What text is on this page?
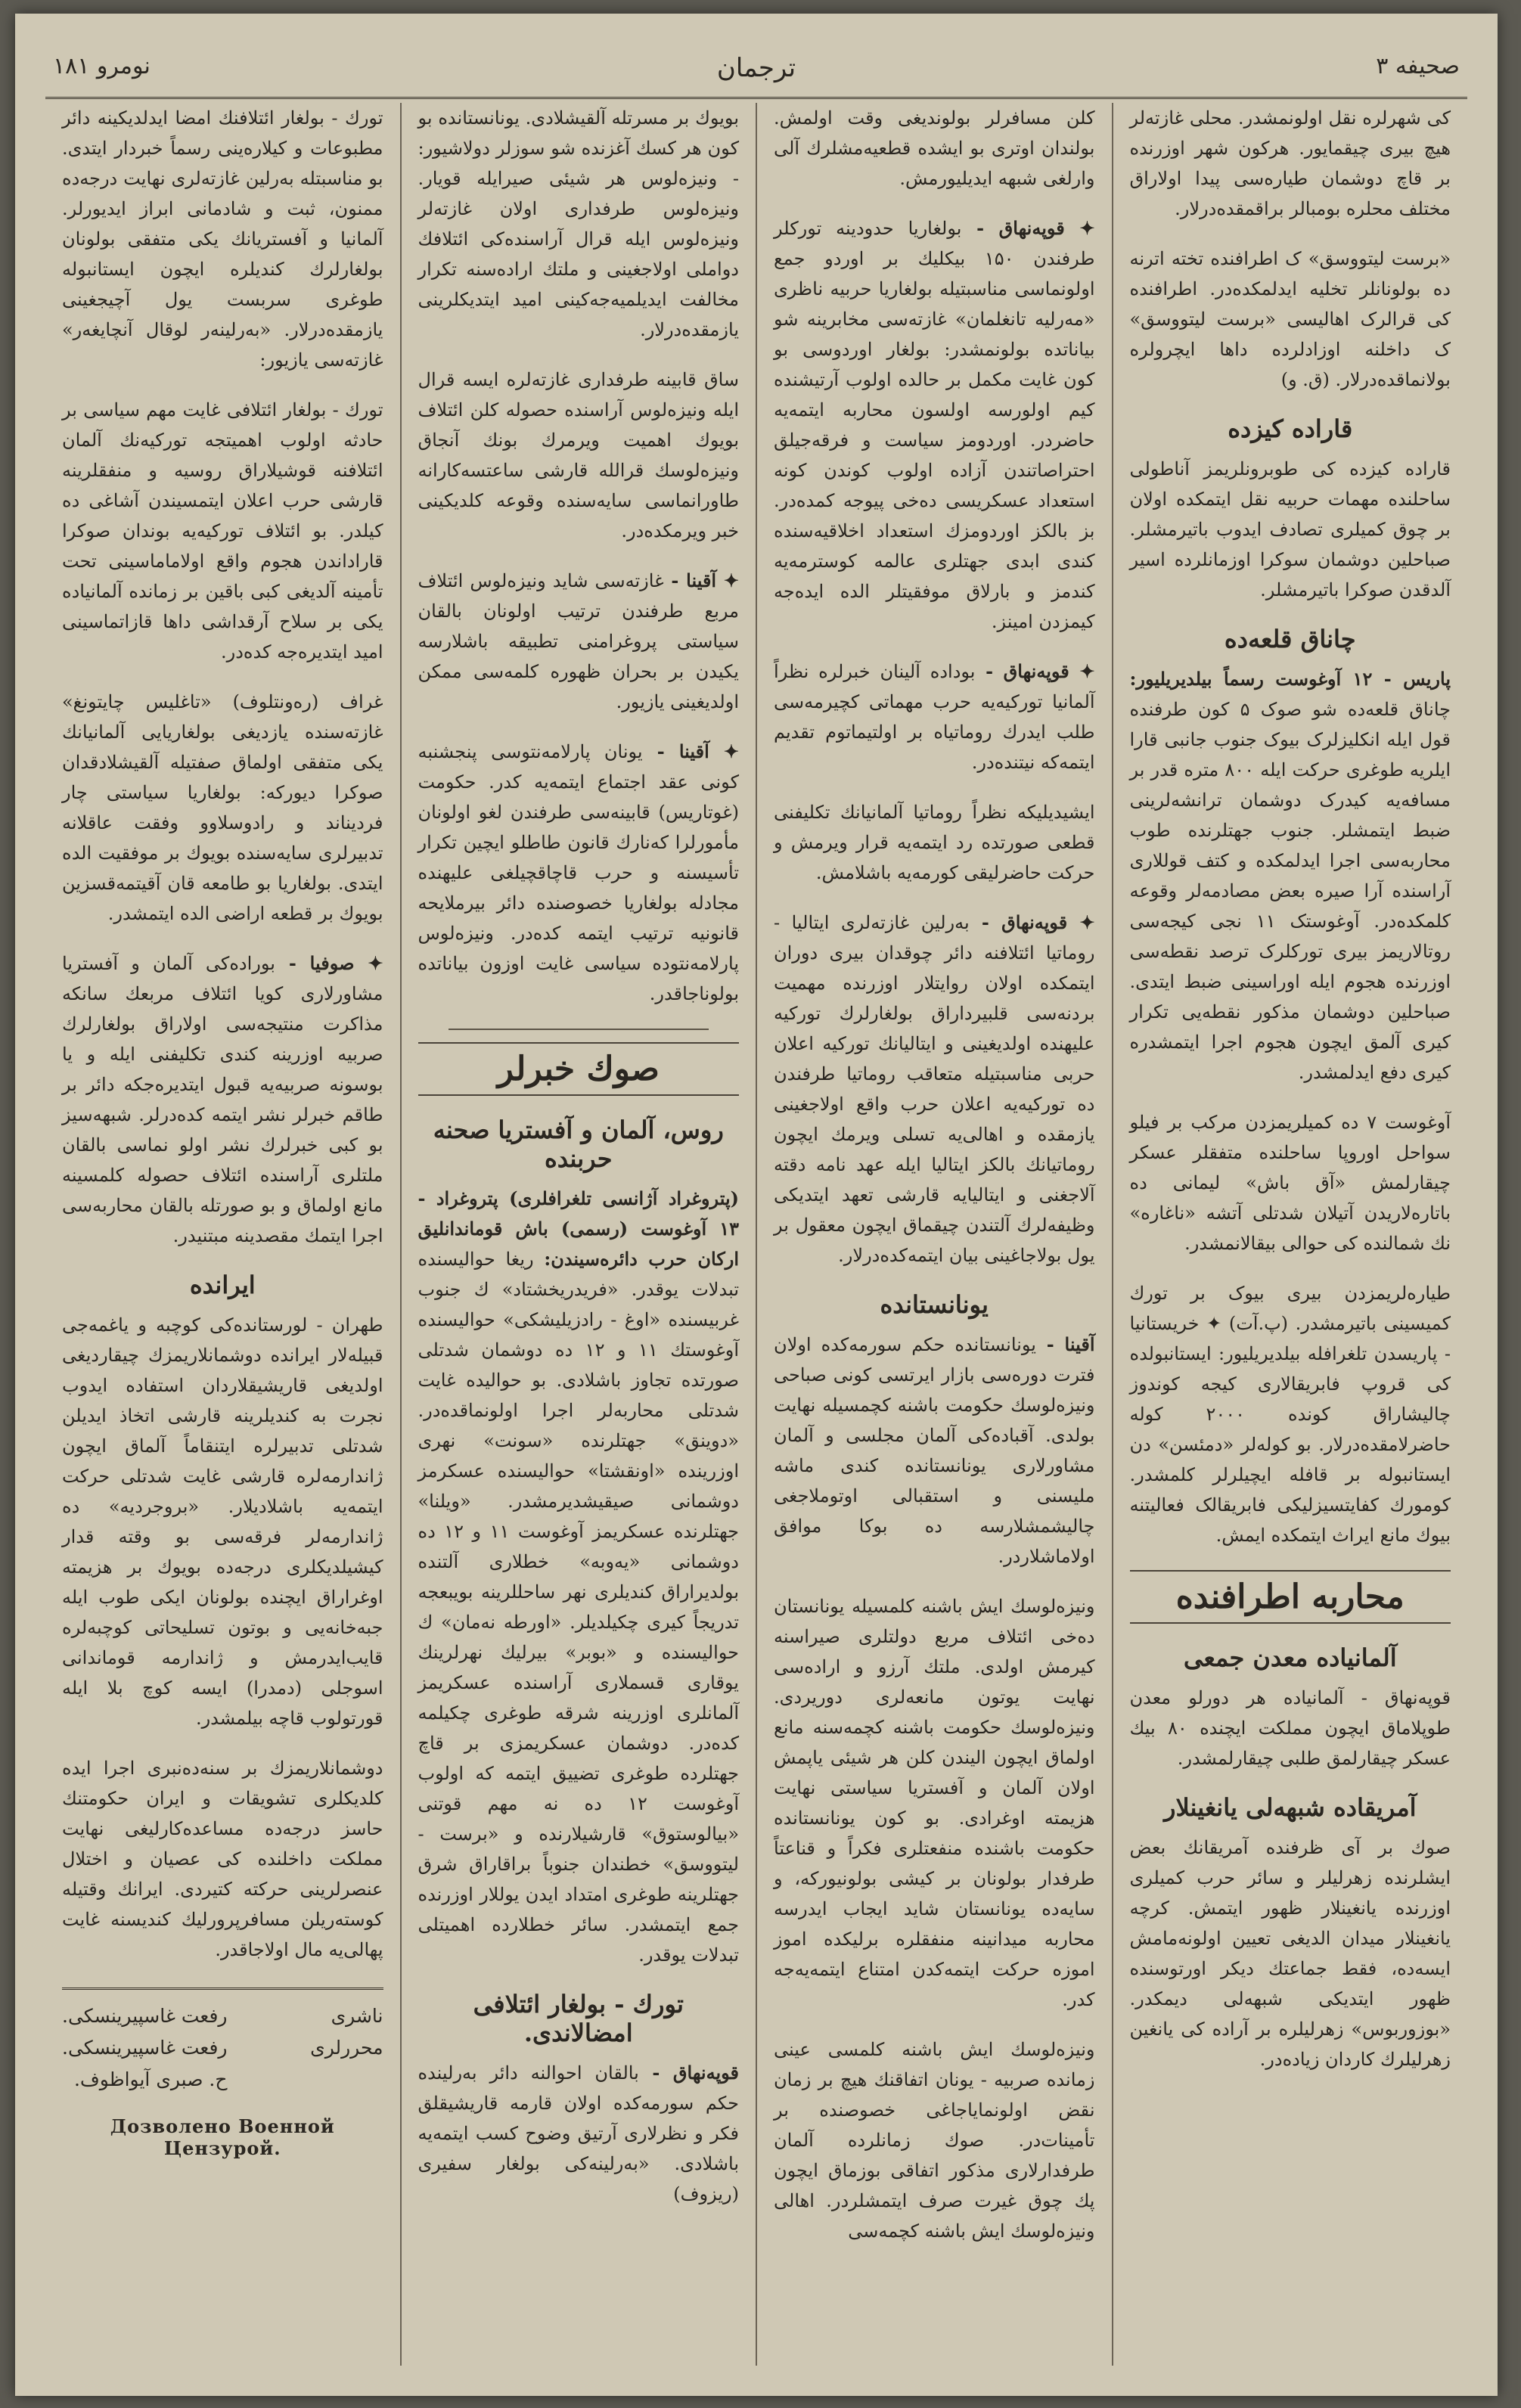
صحیفه ۳
ترجمان
نومرو ۱۸۱

کی شهرلره نقل اولونمشدر. محلی غازته‌لر هیچ بیری چیقمایور. هرکون شهر اوزرنده بر قاچ دوشمان طیاره‌سی پیدا اولاراق مختلف محلره بومبالر براقمقده‌درلار.

«برست لیتووسق» ک اطرافنده تخته اترنه ده بولونانلر تخلیه ایدلمکده‌در. اطرافنده کی قرالرک اهالیسی «برست لیتووسق» ک داخلنه اوزادلرده داها ایچرولره بولانماقده‌درلار. (ق. و)

قاراده کیزده

قاراده کیزده کی طوبرونلریمز آناطولی ساحلنده مهمات حربیه نقل ایتمکده اولان بر چوق کمیلری تصادف ایدوب باتیرمشلر. صباحلین دوشمان سوکرا اوزمانلرده اسیر آلدقدن صوکرا باتیرمشلر.

چاناق قلعه‌ده

پاریس - ۱۲ آوغوست رسماً بیلدیریلیور: چاناق قلعه‌ده شو صوک ۵ کون طرفنده قول ایله انکلیزلرک بیوک جنوب جانبی قارا ایلریه طوغری حرکت ایله ۸۰۰ متره قدر بر مسافه‌یه کیدرک دوشمان ترانشه‌لرینی ضبط ایتمشلر. جنوب جهتلرنده طوب محاربه‌سی اجرا ایدلمکده و کتف قوللاری آراسنده آرا صیره بعض مصادمه‌لر وقوعه کلمکده‌در. آوغوستک ۱۱ نجی کیجه‌سی روتالاریمز بیری توركلرک ترصد نقطه‌سی اوزرنده هجوم ایله اوراسینی ضبط ایتدی. صباحلین دوشمان مذکور نقطه‌یی تکرار کیری آلمق ایچون هجوم اجرا ایتمشدره کیری دفع ایدلمشدر.

آوغوست ۷ ده کمیلریمزدن مرکب بر فیلو سواحل اوروپا ساحلنده متفقلر عسکر چیقارلمش «آق باش» لیمانی ده باتاره‌لاریدن آتیلان شدتلی آتشه «ناغاره» نك شمالنده کی حوالی بیقالانمشدر.

طیاره‌لریمزدن بیری بیوک بر تورك کمیسینی باتیرمشدر. (پ.آت) ✦ خریستانیا - پاریسدن تلغرافله بیلدیریلیور: ایستانبولده کی قروپ فابریقالاری کیجه کوندوز چالیشاراق کونده ۲۰۰۰ کوله حاضرلامقده‌درلار. بو کوله‌لر «دمئسن» دن ایستانبوله بر قافله ایچیلرلر کلمشدر. کومورك کفایتسیزلیکی فابریقالک فعالیتنه بیوك مانع ایراث ایتمکده ایمش.

محاربه اطرافنده
آلمانیاده معدن جمعی

قوپه‌نهاق - آلمانیاده هر دورلو معدن طوپلاماق ایچون مملکت ایچنده ۸۰ بیك عسکر چیقارلمق طلبی چیقارلمشدر.

آمریقاده شبهه‌لی یانغینلار

صوك بر آی ظرفنده آمریقانك بعض ایشلرنده زهرلیلر و سائر حرب کمیلری اوزرنده یانغینلار ظهور ایتمش. کرچه یانغینلار میدان الدیغی تعیین اولونه‌مامش ایسه‌ده، فقط جماعتك دیکر اورتوسنده ظهور ایتدیکی شبهه‌لی دیمکدر. «بوزوربوس» زهرلیلره بر آراده کی یانغین زهرلیلرك کاردان زیاده‌در.

کلن مسافرلر بولوندیغی وقت اولمش. بولندان اوتری بو ایشده قطعیه‌مشلرك آلی وارلغی شبهه ایدیلیورمش.

✦ قوپه‌نهاق - بولغاریا حدودینه تورکلر طرفندن ۱۵۰ بیکلیك بر اوردو جمع اولونماسی مناسبتیله بولغاریا حربیه ناظری «مه‌رلیه تانغلمان» غازته‌سی مخابرینه شو بیاناتده بولونمشدر: بولغار اوردوسی بو کون غایت مکمل بر حالده اولوب آرتیشنده کیم اولورسه اولسون محاربه ایتمه‌یه حاضردر. اوردومز سیاست و فرقه‌جیلق احتراصاتندن آزاده اولوب کوندن کونه استعداد عسکریسی ده‌خی پیوجه کمده‌در. بز بالکز اوردومزك استعداد اخلاقیه‌سنده کندی ابدی جهتلری عالمه کوسترمه‌یه کندمز و بارلاق موفقیتلر الده ایده‌جه کیمزدن امینز.

✦ قوپه‌نهاق - بوداده آلینان خبرلره نظراً آلمانیا تورکیه‌یه حرب مهماتی کچیرمه‌سی طلب ایدرك روماتیاه بر اولتیماتوم تقدیم ایتمه‌که نیتنده‌در.

ایشیدیلیکه نظراً روماتیا آلمانیانك تکلیفنی قطعی صورتده رد ایتمه‌یه قرار ویرمش و حرکت حاضرلیقی کورمه‌یه باشلامش.

✦ قوپه‌نهاق - به‌رلین غازته‌لری ایتالیا - روماتیا ائتلافنه دائر چوقدان بیری دوران ایتمکده اولان روایتلار اوزرنده مهمیت بردنه‌سی قلبیرداراق بولغارلرك تورکیه علیهنده اولدیغینی و ایتالیانك تورکیه اعلان حربی مناسبتیله متعاقب روماتیا طرفندن ده تورکیه‌یه اعلان حرب واقع اولاجغینی یازمقده و اهالی‌یه تسلی ویرمك ایچون روماتیانك بالکز ایتالیا ایله عهد نامه دقته آلاجغنی و ایتالیا‌یه قارشی تعهد ایتدیکی وظیفه‌لرك آلتندن چیقماق ایچون معقول بر یول بولاجاغینی بیان ایتمه‌کده‌درلار.

یونانستانده

آقینا - یونانستانده حکم سورمه‌کده اولان فترت دوره‌سی بازار ایرتسی کونی صباحی ونیزه‌لوسك حکومت باشنه کچمسیله نهایت بولدی. آقباده‌کی آلمان مجلسی و آلمان مشاورلاری یونانستانده کندی ماشه ملیسنی و استقبالی اوتوملاجغی چالیشمشلارسه ده بوکا موافق اولاماشلاردر.

ونیزه‌لوسك ایش باشنه کلمسیله یونانستان ده‌خی ائتلاف مربع دولتلری صیراسنه کیرمش اولدی. ملتك آرزو و اراده‌سی نهایت یوتون مانعه‌لری دوریردی. ونیزه‌لوسك حکومت باشنه کچمه‌سنه مانع اولماق ایچون الیندن کلن هر شیئی یاپمش اولان آلمان و آفستریا سیاستی نهایت هزیمته اوغرادی. بو کون یونانستانده حکومت باشنده منفعتلری فکراً و قناعتاً طرفدار بولونان بر کیشی بولونیورکه، و سایه‌ده یونانستان شاید ایجاب ایدرسه محاربه میدانینه منفقلره برلیکده اموز اموزه حرکت ایتمه‌کدن امتناع ایتمه‌یه‌جه کدر.

ونیزه‌لوسك ایش باشنه کلمسی عینی زمانده صربیه - یونان اتفاقنك هیچ بر زمان نقض اولونمایاجاغی خصوصنده بر تأمینات‌در. صوك زمانلرده آلمان طرفدارلاری مذکور اتفاقی بوزماق ایچون پك چوق غیرت صرف ایتمشلردر. اهالی ونیزه‌لوسك ایش باشنه کچمه‌سی

بویوك بر مسرتله آلقیشلادی. یونانستانده بو کون هر کسك آغزنده شو سوزلر دولاشیور: - ونیزه‌لوس هر شیئی صیرایله قویار. ونیزه‌لوس طرفداری اولان غازته‌لر ونیزه‌لوس ایله قرال آراسنده‌کی ائتلافك دواملی اولاجغینی و ملتك اراده‌سنه تکرار مخالفت ایدیلمیه‌جه‌کینی امید ایتدیکلرینی یازمقده‌درلار.

ساق قابینه طرفداری غازته‌لره ایسه قرال ایله ونیزه‌لوس آراسنده حصوله کلن ائتلاف بویوك اهمیت ویرمرك بونك آنجاق ونیزه‌لوسك قرالله قارشی ساعتسه‌کارانه طاورانماسی سایه‌سنده وقوعه کلدیکینی خبر ویرمکده‌در.

✦ آقینا - غازته‌سی شاید ونیزه‌لوس ائتلاف مربع طرفندن ترتیب اولونان بالقان سیاستی پروغرامنی تطبیقه باشلارسه یکیدن بر بحران ظهوره کلمه‌سی ممکن اولدیغینی یازیور.

✦ آقینا - یونان پارلامه‌نتوسی پنجشنبه کونی عقد اجتماع ایتمه‌یه کدر. حکومت (غوتاریس) قابینه‌سی طرفندن لغو اولونان مأمورلرا که‌نارك قانون طاطلو ایچین تکرار تأسیسنه و حرب قاچاقچیلغی علیهنده مجادله بولغاریا خصوصنده دائر بیرملایحه قانونیه ترتیب ایتمه کده‌در. ونیزه‌لوس پارلامه‌نتوده سیاسی غایت اوزون بیاناتده بولوناجاقدر.

صوك خبرلر
روس، آلمان و آفستریا صحنه حربنده

(پتروغراد آژانسی تلغرافلری) پتروغراد - ۱۳ آوغوست (رسمی) باش قوماندانلیق ارکان حرب دائره‌سیندن: ریغا حوالیسنده تبدلات یوقدر. «فریدریخشتاد» ك جنوب غربیسنده «اوغ - رادزیلیشکی» حوالیسنده آوغوستك ۱۱ و ۱۲ ده دوشمان شدتلی صورتده تجاوز باشلادی. بو حوالیده غایت شدتلی محاربه‌لر اجرا اولونماقده‌در. «دوینق» جهتلرنده «سونت» نهری اوزرینده «اونقشتا» حوالیسنده عسکرمز دوشمانی صیقیشدیرمشدر. «ویلنا» جهتلرنده عسکریمز آوغوست ۱۱ و ۱۲ ده دوشمانی «یه‌وبه» خطلاری آلتنده بولدیراراق کندیلری نهر ساحللرینه بویبعجه تدریجاً کیری چکیلدیلر. «اورطه نه‌مان» ك حوالیسنده و «بوبر» بیرلیك نهرلرینك یوقاری قسملاری آراسنده عسکریمز آلمانلری اوزرینه شرقه طوغری چکیلمه کده‌در. دوشمان عسکریمزی بر قاچ جهتلرده طوغری تضییق ایتمه که اولوب آوغوست ۱۲ ده نه مهم قوتنی «بیالوستوق» قارشیلارنده و «برست - لیتووسق» خطندان جنوباً براقاراق شرق جهتلرینه طوغری امتداد ایدن یوللار اوزرنده جمع ایتمشدر. سائر خطلارده اهمیتلی تبدلات یوقدر.

تورك - بولغار ائتلافی امضالاندی.

قوپه‌نهاق - بالقان احوالنه دائر به‌رلینده حکم سورمه‌کده اولان قارمه قاریشیقلق فکر و نظرلاری آرتیق وضوح کسب ایتمه‌یه باشلادی. «به‌رلینه‌کی بولغار سفیری (ریزوف)

تورك - بولغار ائتلافنك امضا ایدلدیکینه دائر مطبوعات و کیلاره‌ینی رسماً خبردار ایتدی. بو مناسبتله به‌رلین غازته‌لری نهایت درجه‌ده ممنون، ثبت و شادمانی ابراز ایدیورلر. آلمانیا و آفستریانك یکی متفقی بولونان بولغارلرك کندیلره ایچون ایستانبوله طوغری سربست یول آچیجغینی یازمقده‌درلار. «به‌رلینه‌ر لوقال آنچایغه‌ر» غازته‌سی یازیور:

تورك - بولغار ائتلافی غایت مهم سیاسی بر حادثه اولوب اهمیتجه تورکیه‌نك آلمان ائتلافنه قوشیلاراق روسیه و منفقلرینه قارشی حرب اعلان ایتمسیندن آشاغی ده کیلدر. بو ائتلاف تورکیه‌یه بوندان صوکرا قاراداندن هجوم واقع اولاماماسینی تحت تأمینه آلدیغی کبی باقین بر زمانده آلمانیاده یکی بر سلاح آرقداشی داها قازاتماسینی امید ایتدیره‌جه کده‌در.

غراف (ره‌ونتلوف) «تاغلیس چایتونغ» غازته‌سنده یازدیغی بولغاریایی آلمانیانك یکی متفقی اولماق صفتیله آلقیشلادقدان صوکرا دیورکه: بولغاریا سیاستی چار فردیناند و رادوسلاوو وفقت عاقلانه تدبیرلری سایه‌سنده بویوك بر موفقیت الده ایتدی. بولغاریا بو طامعه قان آقیتمه‌قسزین بویوك بر قطعه اراضی الده ایتمشدر.

✦ صوفیا - بوراده‌کی آلمان و آفستریا مشاورلاری کویا ائتلاف مربعك سانکه مذاکرت منتیجه‌سی اولاراق بولغارلرك صربیه اوزرینه کندی تکلیفنی ایله و یا بوسونه صربیه‌یه قبول ایتدیره‌جکه دائر بر طاقم خبرلر نشر ایتمه کده‌درلر. شبهه‌سیز بو کبی خبرلرك نشر اولو نماسی بالقان ملتلری آراسنده ائتلاف حصوله کلمسینه مانع اولماق و بو صورتله بالقان محاربه‌سی اجرا ایتمك مقصدینه مبتنیدر.

ایرانده

طهران - لورستانده‌کی کوچبه و یاغمه‌جی قبیله‌لار ایرانده دوشمانلاریمزك چیقاردیغی اولدیغی قاریشیقلاردان استفاده ایدوب نجرت به کندیلرینه قارشی اتخاذ ایدیلن شدتلی تدبیرلره ایتنقاماً آلماق ایچون ژاندارمه‌لره قارشی غایت شدتلی حرکت ایتمه‌یه باشلادیلار. «بروجردیه» ده ژاندارمه‌لر فرقه‌سی بو وقته قدار کیشیلدیکلری درجه‌ده بویوك بر هزیمته اوغراراق ایچنده بولونان ایکی طوب ایله جبه‌خانه‌یی و بوتون تسلیحاتی کوچبه‌لره قایب‌ایدرمش و ژاندارمه قوماندانی اسوجلی (دمدرا) ایسه کوچ بلا ایله قورتولوب قاچه بیلمشدر.

دوشمانلاریمزك بر سنه‌ده‌نبری اجرا ایده کلدیکلری تشویقات و ایران حکومتنك حاسز درجه‌ده مساعده‌کارلیغی نهایت مملکت داخلنده کی عصیان و اختلال عنصرلرینی حرکته کتیردی. ایرانك وقتیله کوسته‌ریلن مسافرپرورلیك کندیسنه غایت پهالی‌یه مال اولاجاقدر.

ناشری
رفعت غاسپیرینسکی.
محررلری
رفعت غاسپیرینسکی.
ح. صبری آیواظوف.
Дозволено Военной Цензурой.
